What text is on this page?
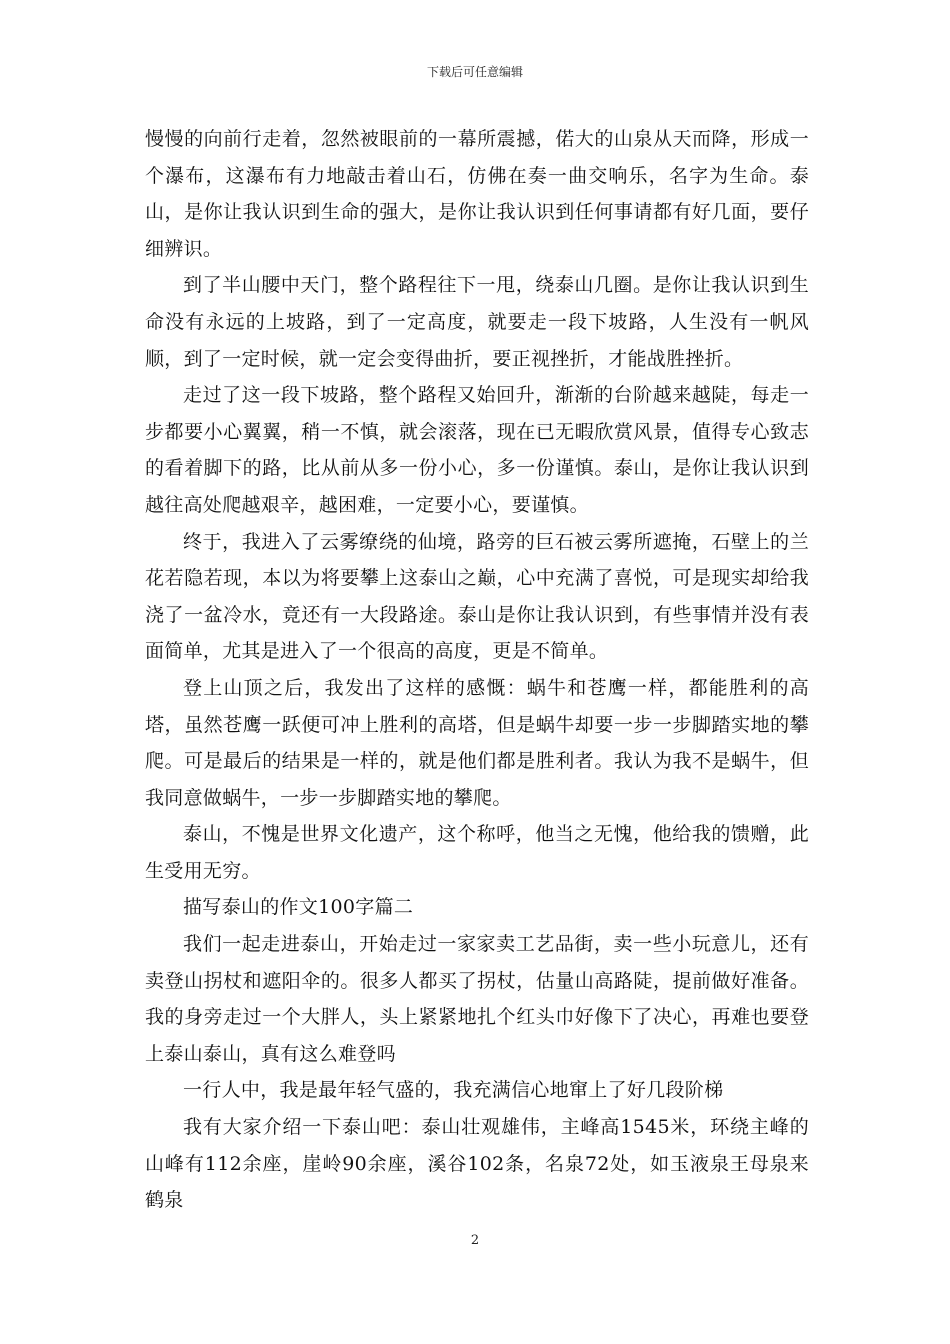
下载后可任意编辑

慢慢的向前行走着，忽然被眼前的一幕所震撼，偌大的山泉从天而降，形成一个瀑布，这瀑布有力地敲击着山石，仿佛在奏一曲交响乐，名字为生命。泰山，是你让我认识到生命的强大，是你让我认识到任何事请都有好几面，要仔细辨识。

到了半山腰中天门，整个路程往下一甩，绕泰山几圈。是你让我认识到生命没有永远的上坡路，到了一定高度，就要走一段下坡路，人生没有一帆风顺，到了一定时候，就一定会变得曲折，要正视挫折，才能战胜挫折。

走过了这一段下坡路，整个路程又始回升，渐渐的台阶越来越陡，每走一步都要小心翼翼，稍一不慎，就会滚落，现在已无暇欣赏风景，值得专心致志的看着脚下的路，比从前从多一份小心，多一份谨慎。泰山，是你让我认识到越往高处爬越艰辛，越困难，一定要小心，要谨慎。

终于，我进入了云雾缭绕的仙境，路旁的巨石被云雾所遮掩，石壁上的兰花若隐若现，本以为将要攀上这泰山之巅，心中充满了喜悦，可是现实却给我浇了一盆冷水，竟还有一大段路途。泰山是你让我认识到，有些事情并没有表面简单，尤其是进入了一个很高的高度，更是不简单。

登上山顶之后，我发出了这样的感慨：蜗牛和苍鹰一样，都能胜利的高塔，虽然苍鹰一跃便可冲上胜利的高塔，但是蜗牛却要一步一步脚踏实地的攀爬。可是最后的结果是一样的，就是他们都是胜利者。我认为我不是蜗牛，但我同意做蜗牛，一步一步脚踏实地的攀爬。

泰山，不愧是世界文化遗产，这个称呼，他当之无愧，他给我的馈赠，此生受用无穷。

描写泰山的作文100字篇二

我们一起走进泰山，开始走过一家家卖工艺品街，卖一些小玩意儿，还有卖登山拐杖和遮阳伞的。很多人都买了拐杖，估量山高路陡，提前做好准备。我的身旁走过一个大胖人，头上紧紧地扎个红头巾好像下了决心，再难也要登上泰山泰山，真有这么难登吗

一行人中，我是最年轻气盛的，我充满信心地窜上了好几段阶梯

我有大家介绍一下泰山吧：泰山壮观雄伟，主峰高1545米，环绕主峰的山峰有112余座，崖岭90余座，溪谷102条，名泉72处，如玉液泉王母泉来鹤泉

2
